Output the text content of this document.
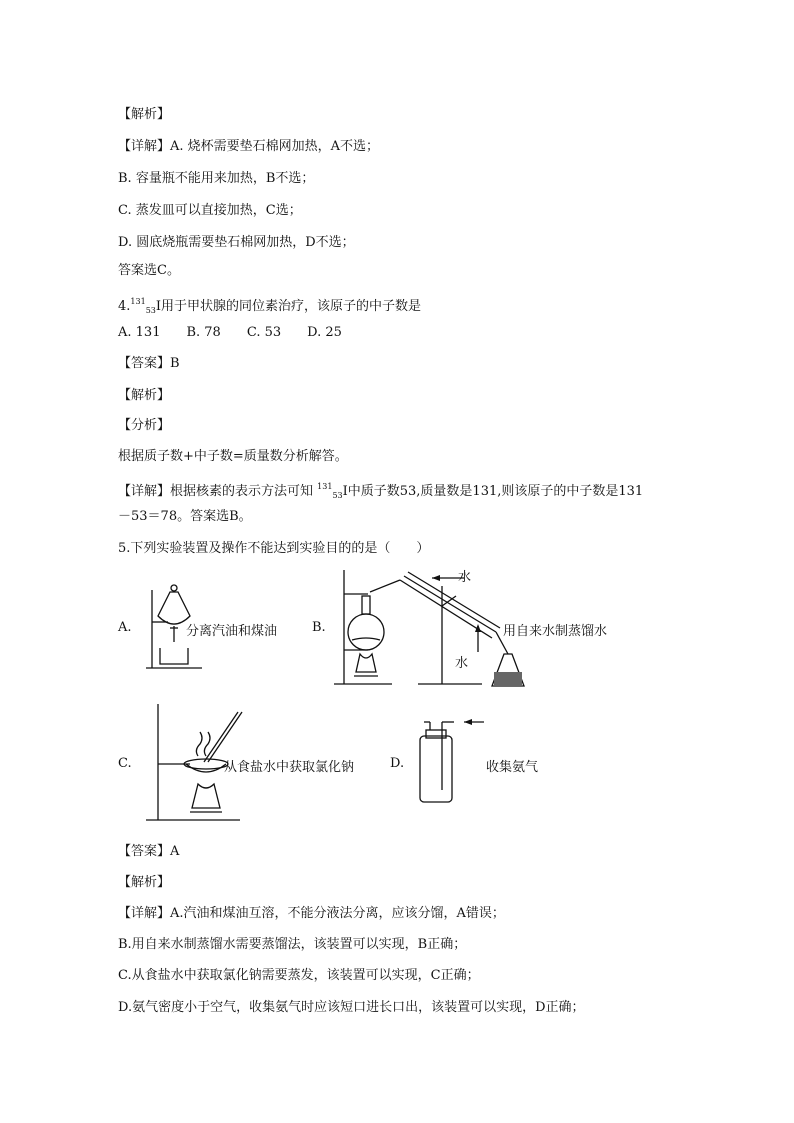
【解析】
【详解】A. 烧杯需要垫石棉网加热，A不选；
B. 容量瓶不能用来加热，B不选；
C. 蒸发皿可以直接加热，C选；
D. 圆底烧瓶需要垫石棉网加热，D不选；
答案选C。
4.$^{131}_{53}$I用于甲状腺的同位素治疗，该原子的中子数是
A. 131 B. 78 C. 53 D. 25
【答案】B
【解析】
【分析】
根据质子数+中子数=质量数分析解答。
【详解】根据核素的表示方法可知 $^{131}_{53}$I中质子数53,质量数是131,则该原子的中子数是131
－53＝78。答案选B。
5.下列实验装置及操作不能达到实验目的的是（　　）
A.	分离汽油和煤油	B.
水
水
用自来水制蒸馏水
C.	从食盐水中获取氯化钠	D.	收集氨气
【答案】A
【解析】
【详解】A.汽油和煤油互溶，不能分液法分离，应该分馏，A错误；
B.用自来水制蒸馏水需要蒸馏法，该装置可以实现，B正确；
C.从食盐水中获取氯化钠需要蒸发，该装置可以实现，C正确；
D.氨气密度小于空气，收集氨气时应该短口进长口出，该装置可以实现，D正确；
